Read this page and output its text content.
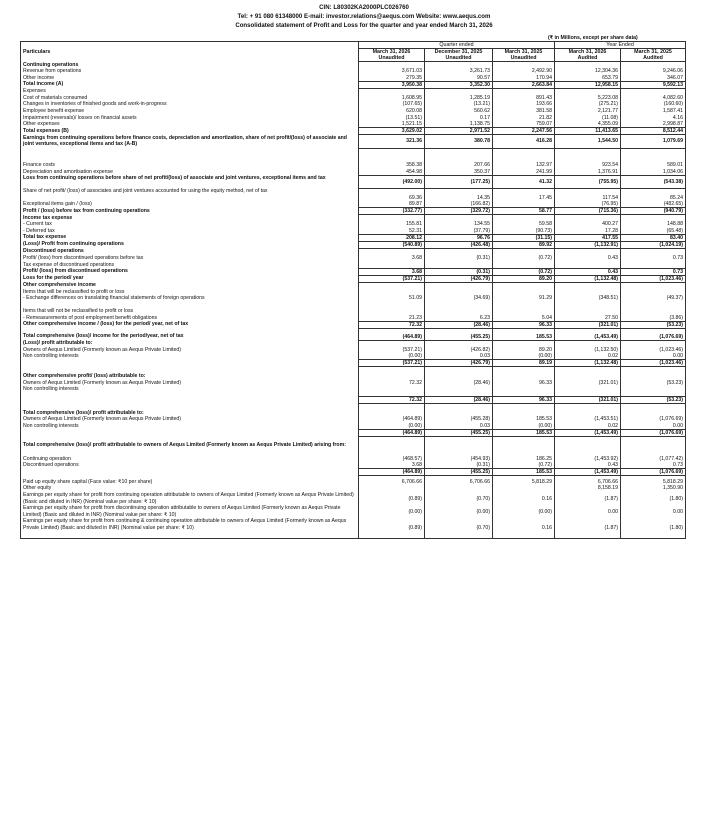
CIN: L80302KA2000PLC026760
Tel: + 91 080 61348000 E-mail: investor.relations@aequs.com Website: www.aequs.com
Consolidated statement of Profit and Loss for the quarter and year ended March 31, 2026
(₹ in Millions, except per share data)
Particulars	Quarter ended			Year Ended	
	March 31, 2026	December 31, 2025	March 31, 2025	March 31, 2026	March 31, 2025
	Unaudited	Unaudited	Unaudited	Audited	Audited
Continuing operations					
Revenue from operations	3,671.03	3,261.73	2,492.90	12,304.36	9,246.06
Other income	279.35	90.57	170.94	653.79	346.07
Total income (A)	3,950.38	3,352.30	2,663.84	12,958.15	9,592.13
Expenses					
Cost of materials consumed	1,608.95	1,285.19	891.43	5,223.08	4,082.60
Changes in inventories of finished goods and work-in-progress	(107.65)	(13.21)	193.66	(275.21)	(160.60)
Employee benefit expense	620.08	560.62	381.58	2,121.77	1,587.41
Impairment (reversals)/ losses on financial assets	(13.51)	0.17	21.82	(11.08)	4.16
Other expenses	1,521.15	1,138.75	759.07	4,355.09	2,998.87
Total expenses (B)	3,629.02	2,971.52	2,247.56	11,413.65	8,512.44
Earnings from continuing operations before finance costs, depreciation and amortization, share of net profit/(loss) of associate and joint ventures, exceptional items and tax (A-B)	321.36	380.78	416.28	1,544.50	1,079.69

Finance costs	358.38	207.66	132.97	923.54	589.01
Depreciation and amortisation expense	454.98	350.37	241.99	1,376.91	1,034.06
Loss from continuing operations before share of net profit/(loss) of associate and joint ventures, exceptional items and tax	(492.00)	(177.25)	41.32	(755.95)	(543.38)
Share of net profit/ (loss) of associates and joint ventures accounted for using the equity method, net of tax					
	69.36	14.35	17.45	117.54	85.24
Exceptional items gain / (loss)	89.87	(166.82)		(76.95)	(482.65)
Profit / (loss) before tax from continuing operations	(332.77)	(329.72)	58.77	(715.36)	(940.79)
Income tax expense					
- Current tax	155.81	134.55	59.58	400.27	148.88
- Deferred tax	52.31	(37.79)	(90.73)	17.28	(65.48)
Total tax expense	208.12	96.76	(31.15)	417.55	83.40
(Loss)/ Profit from continuing operations	(540.89)	(426.48)	89.92	(1,132.91)	(1,024.19)
Discontinued operations					
Profit/ (loss) from discontinued operations before tax	3.68	(0.31)	(0.72)	0.43	0.73
Tax expense of discontinued operations					
Profit/ (loss) from discontinued operations	3.68	(0.31)	(0.72)	0.43	0.73
Loss for the period/ year	(537.21)	(426.79)	89.20	(1,132.48)	(1,023.46)
Other comprehensive income					
Items that will be reclassified to profit or loss					
- Exchange differences on translating financial statements of foreign operations	51.09	(34.69)	91.29	(348.51)	(49.37)

Items that will not be reclassified to profit or loss					
- Remeasurements of post employment benefit obligations	21.23	6.23	5.04	27.50	(3.86)
Other comprehensive income / (loss) for the period/ year, net of tax	72.32	(28.46)	96.33	(321.01)	(53.23)
Total comprehensive (loss)/ income for the period/year, net of tax	(464.89)	(455.25)	185.53	(1,453.49)	(1,076.69)
(Loss)/ profit attributable to:					
Owners of Aequs Limited (Formerly known as Aequs Private Limited)	(537.21)	(426.82)	89.20	(1,132.50)	(1,023.46)
Non controlling interests	(0.00)	0.03	(0.00)	0.02	0.00
	(537.21)	(426.79)	89.19	(1,132.48)	(1,023.46)

Other comprehensive profit/ (loss) attributable to:					
Owners of Aequs Limited (Formerly known as Aequs Private Limited)	72.32	(28.46)	96.33	(321.01)	(53.23)
Non controlling interests					

	72.32	(28.46)	96.33	(321.01)	(53.23)

Total comprehensive (loss)/ profit attributable to:					
Owners of Aequs Limited (Formerly known as Aequs Private Limited)	(464.89)	(455.28)	185.53	(1,453.51)	(1,076.69)
Non controlling interests	(0.00)	0.03	(0.00)	0.02	0.00
	(464.89)	(455.25)	185.53	(1,453.49)	(1,076.69)

Total comprehensive (loss)/ profit attributable to owners of Aequs Limited (Formerly known as Aequs Private Limited) arising from:					
Continuing operation	(468.57)	(454.93)	186.25	(1,453.92)	(1,077.42)
Discontinued operations	3.68	(0.31)	(0.72)	0.43	0.73
	(464.89)	(455.25)	185.53	(1,453.49)	(1,076.69)
Paid up equity share capital (Face value: ₹10 per share)	6,706.66	6,706.66	5,818.29	6,706.66	5,818.29
Other equity				8,158.19	1,350.90
Earnings per equity share for profit from continuing operation attributable to owners of Aequs Limited (Formerly known as Aequs Private Limited) (Basic and diluted in INR) (Nominal value per share: ₹ 10)	(0.89)	(0.70)	0.16	(1.87)	(1.80)
Earnings per equity share for profit from discontinuing operation attributable to owners of Aequs Limited (Formerly known as Aequs Private Limited) (Basic and diluted in INR) (Nominal value per share: ₹ 10)	(0.00)	(0.00)	(0.00)	0.00	0.00
Earnings per equity share for profit from continuing & continuing operation attributable to owners of Aequs Limited (Formerly known as Aequs Private Limited) (Basic and diluted in INR) (Nominal value per share: ₹ 10)	(0.89)	(0.70)	0.16	(1.87)	(1.80)
